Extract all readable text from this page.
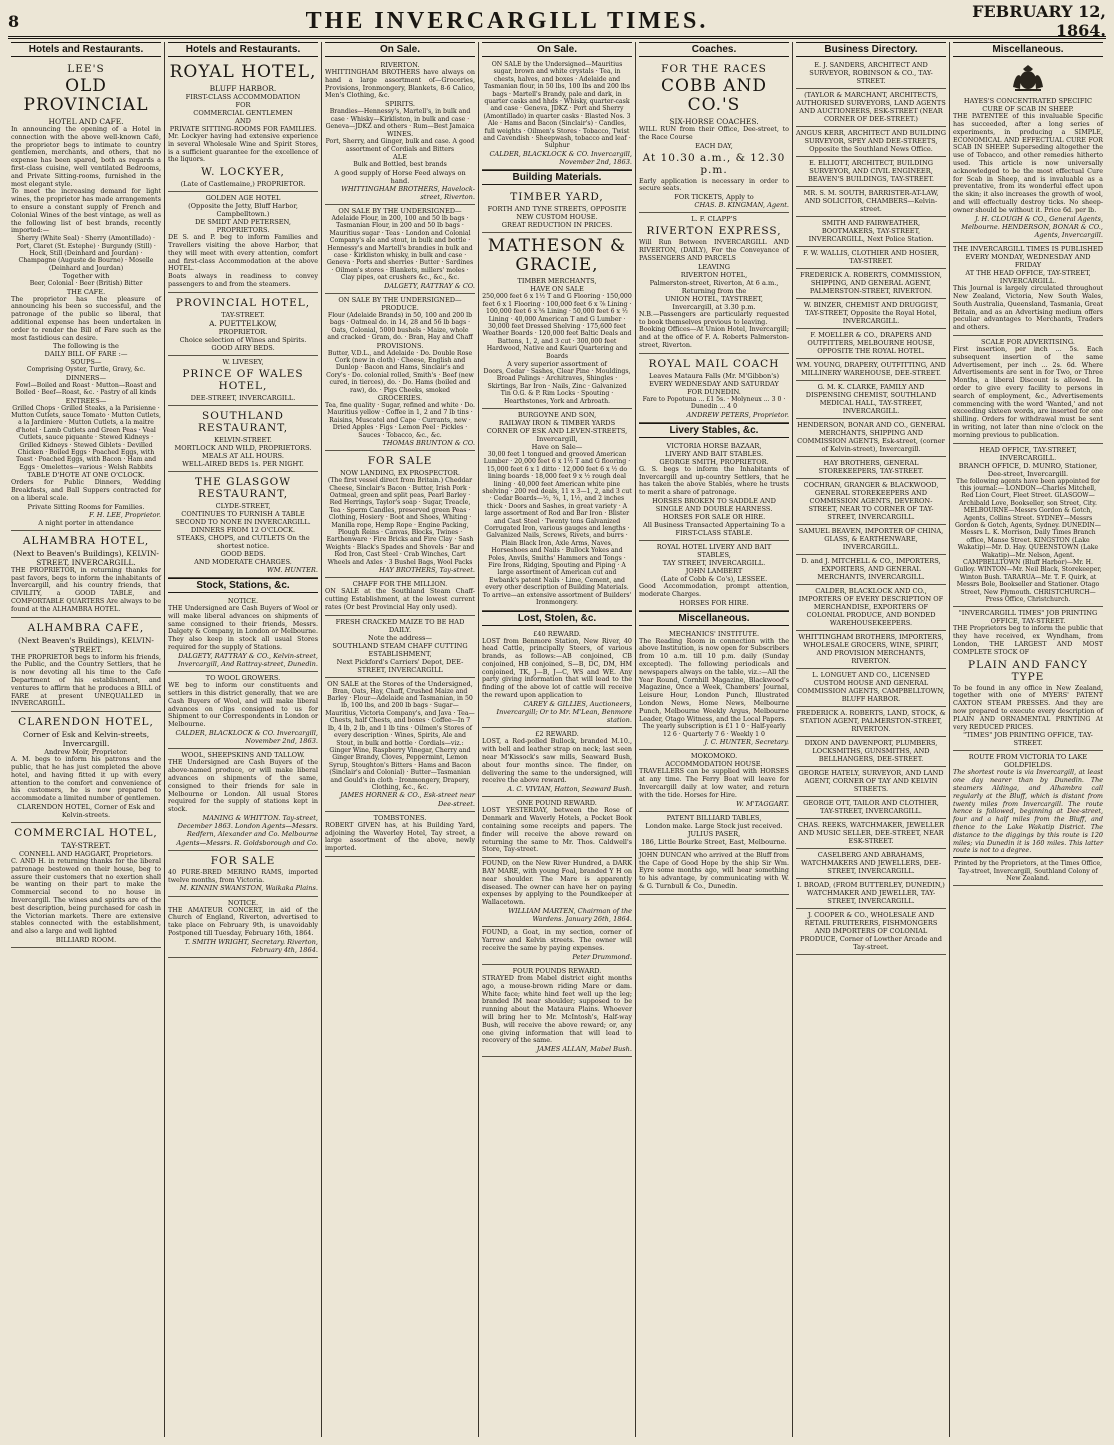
8	THE INVERCARGILL TIMES.	FEBRUARY 12, 1864.
Hotels and Restaurants.
LEE'S
OLD PROVINCIAL
HOTEL AND CAFE.
In announcing the opening of a Hotel in connection with the above well-known Café, the proprietor begs to intimate to country gentlemen, merchants, and others, that no expense has been spared, both as regards a first-class cuisine, well ventilated Bedrooms, and Private Sitting-rooms, furnished in the most elegant style.
To meet the increasing demand for light wines, the proprietor has made arrangements to ensure a constant supply of French and Colonial Wines of the best vintage, as well as the following list of best brands, recently imported:—
Sherry (White Seal) · Sherry (Amontillado) · Port, Claret (St. Estephe) · Burgundy (Still) · Hock, Still (Deinhard and Jourdan) · Champagne (Auguste de Bourne) · Moselle (Deinhard and Jourdan)
Together with
Beer, Colonial · Beer (British) Bitter
THE CAFE.
The proprietor has the pleasure of announcing his been so successful, and the patronage of the public so liberal, that additional expense has been undertaken in order to render the Bill of Fare such as the most fastidious can desire.
The following is the
DAILY BILL OF FARE :—
SOUPS—
Comprising Oyster, Turtle, Gravy, &c.
DINNERS—
Fowl—Boiled and Roast · Mutton—Roast and Boiled · Beef—Roast, &c. · Pastry of all kinds
ENTREES—
Grilled Chops · Grilled Steaks, a la Parisienne · Mutton Cutlets, sauce Tomato · Mutton Cutlets, a la Jardiniere · Mutton Cutlets, a la maitre d'hotel · Lamb Cutlets and Green Peas · Veal Cutlets, sauce piquante · Stewed Kidneys · Grilled Kidneys · Stewed Giblets · Devilled Chicken · Boiled Eggs · Poached Eggs, with Toast · Poached Eggs, with Bacon · Ham and Eggs · Omelettes—various · Welsh Rabbits
TABLE D'HOTE AT ONE O'CLOCK.
Orders for Public Dinners, Wedding Breakfasts, and Ball Suppers contracted for on a liberal scale.
Private Sitting Rooms for Families.
F. H. LEE, Proprietor.
A night porter in attendance
ALHAMBRA HOTEL,
(Next to Beaven's Buildings), KELVIN-STREET, INVERCARGILL.
THE PROPRIETOR, in returning thanks for past favors, begs to inform the inhabitants of Invercargill, and his country friends, that CIVILITY, a GOOD TABLE, and COMFORTABLE QUARTERS Are always to be found at the ALHAMBRA HOTEL.
ALHAMBRA CAFE,
(Next Beaven's Buildings), KELVIN-STREET.
THE PROPRIETOR begs to inform his friends, the Public, and the Country Settlers, that he is now devoting all his time to the Cafe Department of his establishment, and ventures to affirm that he produces a BILL of FARE at present UNEQUALLED in INVERCARGILL.
CLARENDON HOTEL,
Corner of Esk and Kelvin-streets, Invercargill.
Andrew Moir, Proprietor.
A. M. begs to inform his patrons and the public, that he has just completed the above hotel, and having fitted it up with every attention to the comfort and convenience of his customers, he is now prepared to accommodate a limited number of gentlemen.
CLARENDON HOTEL, Corner of Esk and Kelvin-streets.
COMMERCIAL HOTEL,
TAY-STREET.
CONNELL AND HAGGART, Proprietors.
C. AND H. in returning thanks for the liberal patronage bestowed on their house, beg to assure their customers that no exertion shall be wanting on their part to make the Commercial second to no house in Invercargill. The wines and spirits are of the best description, being purchased for cash in the Victorian markets. There are extensive stables connected with the establishment, and also a large and well lighted
BILLIARD ROOM.
Hotels and Restaurants.
ROYAL HOTEL,
BLUFF HARBOR.
FIRST-CLASS ACCOMMODATION
FOR
COMMERCIAL GENTLEMEN
AND
PRIVATE SITTING-ROOMS FOR FAMILIES.
Mr. Lockyer having had extensive experience in several Wholesale Wine and Spirit Stores, is a sufficient guarantee for the excellence of the liquors.
W. LOCKYER,
(Late of Castlemaine,) PROPRIETOR.
GOLDEN AGE HOTEL
(Opposite the Jetty, Bluff Harbor, Campbelltown.)
DE SMIDT AND PETERSEN, PROPRIETORS.
DE S. and P. beg to inform Families and Travellers visiting the above Harbor, that they will meet with every attention, comfort and first-class Accommodation at the above HOTEL.
Boats always in readiness to convey passengers to and from the steamers.
PROVINCIAL HOTEL,
TAY-STREET.
A. PUETTELKOW,
PROPRIETOR.
Choice selection of Wines and Spirits.
GOOD AIRY BEDS.
W. LIVESEY,
PRINCE OF WALES HOTEL,
DEE-STREET, INVERCARGILL.
SOUTHLAND RESTAURANT,
KELVIN-STREET.
MORTLOCK AND WILD, PROPRIETORS.
MEALS AT ALL HOURS.
WELL-AIRED BEDS 1s. PER NIGHT.
THE GLASGOW RESTAURANT,
CLYDE-STREET,
CONTINUES TO FURNISH A TABLE SECOND TO NONE IN INVERCARGILL.
DINNERS FROM 12 O'CLOCK.
STEAKS, CHOPS, and CUTLETS On the shortest notice.
GOOD BEDS.
AND MODERATE CHARGES.
WM. HUNTER.
Stock, Stations, &c.
NOTICE.
THE Undersigned are Cash Buyers of Wool or will make liberal advances on shipments of same consigned to their friends, Messrs. Dalgety & Company, in London or Melbourne. They also keep in stock all usual Stores required for the supply of Stations.
DALGETY, RATTRAY & CO., Kelvin-street, Invercargill, And Rattray-street, Dunedin.
TO WOOL GROWERS.
WE beg to inform our constituents and settlers in this district generally, that we are Cash Buyers of Wool, and will make liberal advances on clips consigned to us for Shipment to our Correspondents in London or Melbourne.
CALDER, BLACKLOCK & CO. Invercargill, November 2nd, 1863.
WOOL, SHEEPSKINS AND TALLOW.
THE Undersigned are Cash Buyers of the above-named produce, or will make liberal advances on shipments of the same, consigned to their friends for sale in Melbourne or London. All usual Stores required for the supply of stations kept in stock.
MANING & WHITTON. Tay-street, December 1863. London Agents—Messrs. Redfern, Alexander and Co. Melbourne Agents—Messrs. R. Goldsborough and Co.
FOR SALE
40 PURE-BRED MERINO RAMS, imported twelve months, from Victoria.
M. KINNIN SWANSTON, Waikaka Plains.
NOTICE.
THE AMATEUR CONCERT, in aid of the Church of England, Riverton, advertised to take place on February 9th, is unavoidably Postponed till Tuesday, February 16th, 1864.
T. SMITH WRIGHT, Secretary. Riverton, February 4th, 1864.
On Sale.
RIVERTON.
WHITTINGHAM BROTHERS have always on hand a large assortment of—Groceries, Provisions, Ironmongery, Blankets, 8-6 Calico, Men's Clothing, &c.
SPIRITS.
Brandies—Hennessy's, Martell's, in bulk and case · Whisky—Kirkliston, in bulk and case · Geneva—JDKZ and others · Rum—Best Jamaica
WINES.
Port, Sherry, and Ginger, bulk and case. A good assortment of Cordials and Bitters
ALE
Bulk and Bottled, best brands
A good supply of Horse Feed always on hand.
WHITTINGHAM BROTHERS, Havelock-street, Riverton.
ON SALE BY THE UNDERSIGNED—
Adelaide Flour, in 200, 100 and 50 lb bags · Tasmanian Flour, in 200 and 50 lb bags · Mauritius sugar · Teas · London and Colonial Company's ale and stout, in bulk and bottle · Hennessy's and Martell's brandies in bulk and case · Kirkliston whisky, in bulk and case · Geneva · Ports and sherries · Butter · Sardines · Oilmen's stores · Blankets, millers' moles · Clay pipes, oat crushers &c., &c., &c.
DALGETY, RATTRAY & CO.
ON SALE BY THE UNDERSIGNED—
PRODUCE.
Flour (Adelaide Brands) in 50, 100 and 200 lb bags · Oatmeal do. in 14, 28 and 56 lb bags · Oats, Colonial, 5000 bushels · Maize, whole and cracked · Gram, do. · Bran, Hay and Chaff
PROVISIONS.
Butter, V.D.L., and Adelaide · Do. Double Rose Cork (new in cloth) · Cheese, English and Dunlop · Bacon and Hams, Sinclair's and Cory's · Do. colonial rolled, Smith's · Beef (new cured, in tierces), do. · Do. Hams (boiled and raw), do. · Pigs Cheeks, smoked
GROCERIES.
Tea, fine quality · Sugar, refined and white · Do. Mauritius yellow · Coffee in 1, 2 and 7 lb tins · Raisins, Muscatel and Cape · Currants, new · Dried Apples · Figs · Lemon Peel · Pickles · Sauces · Tobacco, &c., &c.
THOMAS BRUNTON & CO.
FOR SALE
NOW LANDING, EX PROSPECTOR.
(The first vessel direct from Britain.) Cheddar Cheese, Sinclair's Bacon · Butter, Irish Pork · Oatmeal, green and split peas, Pearl Barley · Red Herrings, Taylor's soap · Sugar, Treacle, Tea · Sperm Candles, preserved green Peas · Clothing, Hosiery · Boot and Shoes, Whiting · Manilla rope, Hemp Rope · Engine Packing, Plough Reins · Canvas, Blocks, Twines · Earthenware · Fire Bricks and Fire Clay · Sash Weights · Black's Spades and Shovels · Bar and Rod Iron, Cast Steel · Crab Winches, Cart Wheels and Axles · 3 Bushel Bags, Wool Packs
HAY BROTHERS, Tay-street.
CHAFF FOR THE MILLION.
ON SALE at the Southland Steam Chaff-cutting Establishment, at the lowest current rates (Or best Provincial Hay only used).
FRESH CRACKED MAIZE TO BE HAD DAILY.
Note the address—
SOUTHLAND STEAM CHAFF CUTTING ESTABLISHMENT,
Next Pickford's Carriers' Depot, DEE-STREET, INVERCARGILL
ON SALE at the Stores of the Undersigned,
Bran, Oats, Hay, Chaff, Crushed Maize and Barley · Flour—Adelaide and Tasmanian, in 50 lb, 100 lbs, and 200 lb bags · Sugar—Mauritius, Victoria Company's, and Java · Tea—Chests, half Chests, and boxes · Coffee—In 7 lb, 4 lb, 2 lb, and 1 lb tins · Oilmen's Stores of every description · Wines, Spirits, Ale and Stout, in bulk and bottle · Cordials—viz.: Ginger Wine, Raspberry Vinegar, Cherry and Ginger Brandy, Cloves, Peppermint, Lemon Syrup, Stoughton's Bitters · Hams and Bacon (Sinclair's and Colonial) · Butter—Tasmanian and Gould's in cloth · Ironmongery, Drapery, Clothing, &c., &c.
JAMES HORNER & CO., Esk-street near Dee-street.
TOMBSTONES.
ROBERT GIVEN has, at his Building Yard, adjoining the Waverley Hotel, Tay street, a large assortment of the above, newly imported.
On Sale.
ON SALE by the Undersigned—Mauritius sugar, brown and white crystals · Tea, in chests, halves, and boxes · Adelaide and Tasmanian flour, in 50 lbs, 100 lbs and 200 lbs bags · Martell's Brandy, pale and dark, in quarter casks and hhds · Whisky, quarter-cask and case · Geneva, JDKZ · Port and Sherry (Amontillado) in quarter casks · Blasted Nos. 3 Ale · Hams and Bacon (Sinclair's) · Candles, full weights · Oilmen's Stores · Tobacco, Twist and Cavendish · Sheepwash, tobacco and leaf · Sulphur
CALDER, BLACKLOCK & CO. Invercargill, November 2nd, 1863.
Building Materials.
TIMBER YARD,
FORTH AND TYNE STREETS, OPPOSITE NEW CUSTOM HOUSE.
GREAT REDUCTION IN PRICES.
MATHESON & GRACIE,
TIMBER MERCHANTS,
HAVE ON SALE
250,000 feet 6 x 1½ T and G Flooring · 150,000 feet 6 x 1 Flooring · 100,000 feet 6 x ⅞ Lining · 100,000 feet 6 x ⅝ Lining · 50,000 feet 6 x ½ Lining · 40,000 American T and G Lumber · 30,000 feet Dressed Shelving · 175,600 feet Weather Boards · 120,000 feet Baltic Deals and Battens, 1, 2, and 3 cut · 300,000 feet Hardwood, Native and Kauri Quartering and Boards
A very superior assortment of
Doors, Cedar · Sashes, Clear Pine · Mouldings, Broad Palings · Architraves, Shingles · Skirtings, Bar Iron · Nails, Zinc · Galvanized Tin O.G. & P. Rim Locks · Spouting · Hearthstones, York and Arbroath.
BURGOYNE AND SON,
RAILWAY IRON & TIMBER YARDS
CORNER OF ESK AND LEVEN-STREETS, Invercargill,
Have on Sale—
30,00 feet 1 tongued and grooved American Lumber · 20,000 feet 6 x 1½ T and G flooring · 15,000 feet 6 x 1 ditto · 12,000 feet 6 x ½ do lining boards · 18,000 feet 9 x ½ rough deal lining · 40,000 feet American white pine shelving · 200 red deals, 11 x 3—1, 2, and 3 cut · Cedar Boards—½, ¾, 1, 1½, and 2 inches thick · Doors and Sashes, in great variety · A large assortment of Rod and Bar Iron · Blister and Cast Steel · Twenty tons Galvanized Corrugated Iron, various gauges and lengths · Galvanized Nails, Screws, Rivets, and burrs · Plain Black Iron, Axle Arms, Naves, Horseshoes and Nails · Bullock Yokes and Poles, Anvils, Smiths' Hammers and Tongs · Fire Irons, Ridging, Spouting and Piping · A large assortment of American cut and Ewbank's patent Nails · Lime, Cement, and every other description of Building Materials.
To arrive—an extensive assortment of Builders' Ironmongery.
Lost, Stolen, &c.
£40 REWARD.
LOST from Benmore Station, New River, 40 head Cattle, principally Steers, of various brands, as follows:—AB conjoined, CB conjoined, HB conjoined, S—B, DC, DM, HM conjoined, TK, J—B, J—C, WS and WE. Any party giving information that will lead to the finding of the above lot of cattle will receive the reward upon application to
CAREY & GILLIES, Auctioneers, Invercargill; Or to Mr. M'Lean, Benmore station.
£2 REWARD.
LOST, a Red-polled Bullock, branded M.10., with bell and leather strap on neck; last seen near M'Kissock's saw mills, Seaward Bush, about four months since. The finder, on delivering the same to the undersigned, will receive the above reward.
A. C. VIVIAN, Hatton, Seaward Bush.
ONE POUND REWARD.
LOST YESTERDAY, between the Rose of Denmark and Waverly Hotels, a Pocket Book containing some receipts and papers. The finder will receive the above reward on returning the same to Mr. Thos. Caldwell's Store, Tay-street.
FOUND, on the New River Hundred, a DARK BAY MARE, with young Foal, branded Y H on near shoulder. The Mare is apparently diseased. The owner can have her on paying expenses by applying to the Poundkeeper at Wallacetown.
WILLIAM MARTEN, Chairman of the Wardens. January 26th, 1864.
FOUND, a Goat, in my section, corner of Yarrow and Kelvin streets. The owner will receive the same by paying expenses.
Peter Drummond.
FOUR POUNDS REWARD.
STRAYED from Mabel district eight months ago, a mouse-brown riding Mare or dam. White face; white hind feet well up the leg; branded IM near shoulder; supposed to be running about the Mataura Plains. Whoever will bring her to Mr. McIntosh's, Half-way Bush, will receive the above reward; or, any one giving information that will lead to recovery of the same.
JAMES ALLAN, Mabel Bush.
Coaches.
FOR THE RACES
COBB AND CO.'S
SIX-HORSE COACHES.
WILL RUN from their Office, Dee-street, to the Race Course
EACH DAY,
At 10.30 a.m., & 12.30 p.m.
Early application is necessary in order to secure seats.
FOR TICKETS, Apply to
CHAS. B. KINGMAN, Agent.
L. F. CLAPP'S
RIVERTON EXPRESS,
Will Run Between INVERCARGILL AND RIVERTON, (DAILY), For the Conveyance of PASSENGERS AND PARCELS
LEAVING
RIVERTON HOTEL,
Palmerston-street, Riverton, At 6 a.m.,
Returning from the
UNION HOTEL, TAYSTREET,
Invercargill, at 3.30 p.m.
N.B.—Passengers are particularly requested to book themselves previous to leaving.
Booking Offices—At Union Hotel, Invercargill; and at the office of F. A. Roberts Palmerston-street, Riverton.
ROYAL MAIL COACH
Leaves Mataura Falls (Mr. M'Gibbon's)
EVERY WEDNESDAY AND SATURDAY
FOR DUNEDIN.
Fare to Popotuna ... £1 5s. · Molyneux ... 3 0 · Dunedin ... 4 0
ANDREW PETERS, Proprietor.
Livery Stables, &c.
VICTORIA HORSE BAZAAR,
LIVERY AND BAIT STABLES.
GEORGE SMITH, PROPRIETOR.
G. S. begs to inform the Inhabitants of Invercargill and up-country Settlers, that he has taken the above Stables, where he trusts to merit a share of patronage.
HORSES BROKEN TO SADDLE AND SINGLE AND DOUBLE HARNESS.
HORSES FOR SALE OR HIRE.
All Business Transacted Appertaining To a
FIRST-CLASS STABLE.
ROYAL HOTEL LIVERY AND BAIT STABLES,
TAY STREET, INVERCARGILL.
JOHN LAMBERT
(Late of Cobb & Co's), LESSEE.
Good Accommodation, prompt attention, moderate Charges.
HORSES FOR HIRE.
Miscellaneous.
MECHANICS' INSTITUTE.
The Reading Room in connection with the above Institution, is now open for Subscribers from 10 a.m. till 10 p.m. daily (Sunday excepted). The following periodicals and newspapers always on the table, viz.:—All the Year Round, Cornhill Magazine, Blackwood's Magazine, Once a Week, Chambers' Journal, Leisure Hour, London Punch, Illustrated London News, Home News, Melbourne Punch, Melbourne Weekly Argus, Melbourne Leader, Otago Witness, and the Local Papers.
The yearly subscription is £1 1 0 · Half-yearly 12 6 · Quarterly 7 6 · Weekly 1 0
J. C. HUNTER, Secretary.
MOKOMOKO.
ACCOMMODATION HOUSE.
TRAVELLERS can be supplied with HORSES at any time. The Ferry Boat will leave for Invercargill daily at low water, and return with the tide. Horses for Hire.
W. M'TAGGART.
PATENT BILLIARD TABLES,
London make. Large Stock just received.
JULIUS PASER,
186, Little Bourke Street, East, Melbourne.
JOHN DUNCAN who arrived at the Bluff from the Cape of Good Hope by the ship Sir Wm. Eyre some months ago, will hear something to his advantage, by communicating with W. & G. Turnbull & Co., Dunedin.
Business Directory.
E. J. SANDERS, ARCHITECT AND SURVEYOR, ROBINSON & CO., TAY-STREET.
(TAYLOR & MARCHANT, ARCHITECTS, AUTHORISED SURVEYORS, LAND AGENTS AND AUCTIONEERS, ESK-STREET (NEAR CORNER OF DEE-STREET.)
ANGUS KERR, ARCHITECT AND BUILDING SURVEYOR, SPEY AND DEE-STREETS, Opposite the Southland News Office.
E. ELLIOTT, ARCHITECT, BUILDING SURVEYOR, AND CIVIL ENGINEER, BEAVEN'S BUILDINGS, TAY-STREET.
MR. S. M. SOUTH, BARRISTER-AT-LAW, AND SOLICITOR, CHAMBERS—Kelvin-street.
SMITH AND FAIRWEATHER, BOOTMAKERS, TAY-STREET, INVERCARGILL, Next Police Station.
F. W. WALLIS, CLOTHIER AND HOSIER, TAY-STREET.
FREDERICK A. ROBERTS, COMMISSION, SHIPPING, AND GENERAL AGENT, PALMERSTON-STREET, RIVERTON.
W. BINZER, CHEMIST AND DRUGGIST, TAY-STREET, Opposite the Royal Hotel, INVERCARGILL.
F. MOELLER & CO., DRAPERS AND OUTFITTERS, MELBOURNE HOUSE, OPPOSITE THE ROYAL HOTEL.
WM. YOUNG, DRAPERY, OUTFITTING, AND MILLINERY WAREHOUSE, DEE-STREET.
G. M. K. CLARKE, FAMILY AND DISPENSING CHEMIST, SOUTHLAND MEDICAL HALL, TAY-STREET, INVERCARGILL.
HENDERSON, BONAR AND CO., GENERAL MERCHANTS, SHIPPING AND COMMISSION AGENTS, Esk-street, (corner of Kelvin-street), Invercargill.
HAY BROTHERS, GENERAL STOREKEEPERS, TAY-STREET.
COCHRAN, GRANGER & BLACKWOOD, GENERAL STOREKEEPERS AND COMMISSION AGENTS, DEVERON-STREET, NEAR TO CORNER OF TAY-STREET, INVERCARGILL.
SAMUEL BEAVEN, IMPORTER OF CHINA, GLASS, & EARTHENWARE, INVERCARGILL.
D. and J. MITCHELL & CO., IMPORTERS, EXPORTERS, AND GENERAL MERCHANTS, INVERCARGILL.
CALDER, BLACKLOCK AND CO., IMPORTERS OF EVERY DESCRIPTION OF MERCHANDISE, EXPORTERS OF COLONIAL PRODUCE, AND BONDED WAREHOUSEKEEPERS.
WHITTINGHAM BROTHERS, IMPORTERS, WHOLESALE GROCERS, WINE, SPIRIT, AND PROVISION MERCHANTS, RIVERTON.
L. LONGUET AND CO., LICENSED CUSTOM HOUSE AND GENERAL COMMISSION AGENTS, CAMPBELLTOWN, BLUFF HARBOR.
FREDERICK A. ROBERTS, LAND, STOCK, & STATION AGENT, PALMERSTON-STREET, RIVERTON.
DIXON AND DAVENPORT, PLUMBERS, LOCKSMITHS, GUNSMITHS, AND BELLHANGERS, DEE-STREET.
GEORGE HATELY, SURVEYOR, AND LAND AGENT, CORNER OF TAY AND KELVIN STREETS.
GEORGE OTT, TAILOR AND CLOTHIER, TAY-STREET, INVERCARGILL.
CHAS. REEKS, WATCHMAKER, JEWELLER AND MUSIC SELLER, DEE-STREET, NEAR ESK-STREET.
CASELBERG AND ABRAHAMS, WATCHMAKERS AND JEWELLERS, DEE-STREET, INVERCARGILL.
I. BROAD, (FROM BUTTERLEY, DUNEDIN,) WATCHMAKER AND JEWELLER, TAY-STREET, INVERCARGILL.
J. COOPER & CO., WHOLESALE AND RETAIL FRUITERERS, FISHMONGERS AND IMPORTERS OF COLONIAL PRODUCE, Corner of Lowther Arcade and Tay-street.
Miscellaneous.
HAYES'S CONCENTRATED SPECIFIC CURE OF SCAB IN SHEEP.
THE PATENTEE of this invaluable Specific has succeeded, after a long series of experiments, in producing a SIMPLE, ECONOMICAL AND EFFECTUAL CURE FOR SCAB IN SHEEP. Superseding altogether the use of Tobacco, and other remedies hitherto used. This article is now universally acknowledged to be the most effectual Cure for Scab in Sheep, and is invaluable as a preventative, from its wonderful effect upon the skin; it also increases the growth of wool, and will effectually destroy ticks. No sheep-owner should be without it. Price 6d. per lb.
J. H. CLOUGH & CO., General Agents, Melbourne. HENDERSON, BONAR & CO., Agents, Invercargill.
THE INVERCARGILL TIMES IS PUBLISHED EVERY MONDAY, WEDNESDAY AND FRIDAY
AT THE HEAD OFFICE, TAY-STREET, INVERCARGILL.
This Journal is largely circulated throughout New Zealand, Victoria, New South Wales, South Australia, Queensland, Tasmania, Great Britain, and as an Advertising medium offers peculiar advantages to Merchants, Traders and others.
SCALE FOR ADVERTISING.
First insertion, per inch ... 5s. Each subsequent insertion of the same Advertisement, per inch ... 2s. 6d. Where Advertisements are sent in for Two, or Three Months, a liberal Discount is allowed. In order to give every facility to persons in search of employment, &c., Advertisements commencing with the word 'Wanted,' and not exceeding sixteen words, are inserted for one shilling. Orders for withdrawal must be sent in writing, not later than nine o'clock on the morning previous to publication.
HEAD OFFICE, TAY-STREET, INVERCARGILL.
BRANCH OFFICE, D. MUNRO, Stationer, Dee-street, Invercargill.
The following agents have been appointed for this journal:— LONDON—Charles Mitchell, Red Lion Court, Fleet Street. GLASGOW—Archibald Love, Bookseller, son Street, City. MELBOURNE—Messrs Gordon & Gotch, Agents, Collins Street. SYDNEY—Messrs Gordon & Gotch, Agents, Sydney. DUNEDIN—Messrs L. K. Morrison, Daily Times Branch office, Manse Street. KINGSTON (Lake Wakatip)—Mr. D. Hay. QUEENSTOWN (Lake Wakatip)—Mr. Nelson, Agent. CAMPBELLTOWN (Bluff Harbor)—Mr. H. Gulloy. WINTON—Mr. Neil Black, Storekeeper, Winton Bush. TARARUA—Mr. T. F. Quirk, at Messrs Bole, Bookseller and Stationer. Otago Street, New Plymouth. CHRISTCHURCH—Press Office, Christchurch.
"INVERCARGILL TIMES" JOB PRINTING OFFICE, TAY-STREET.
THE Proprietors beg to inform the public that they have received, ex Wyndham, from London, THE LARGEST AND MOST COMPLETE STOCK OF
PLAIN AND FANCY TYPE
To be found in any office in New Zealand, together with one of MYERS' PATENT CAXTON STEAM PRESSES. And they are now prepared to execute every description of PLAIN AND ORNAMENTAL PRINTING At very REDUCED PRICES.
"TIMES" JOB PRINTING OFFICE, TAY-STREET.
ROUTE FROM VICTORIA TO LAKE GOLDFIELDS.
The shortest route is via Invercargill, at least one day nearer than by Dunedin. The steamers Aldinga, and Alhambra call regularly at the Bluff, which is distant from twenty miles from Invercargill. The route hence is followed, beginning at Dee-street, four and a half miles from the Bluff, and thence to the Lake Wakatip District. The distance to the diggings by this route is 120 miles; via Dunedin it is 160 miles. This latter route is not to a degree.
Printed by the Proprietors, at the Times Office, Tay-street, Invercargill, Southland Colony of New Zealand.
